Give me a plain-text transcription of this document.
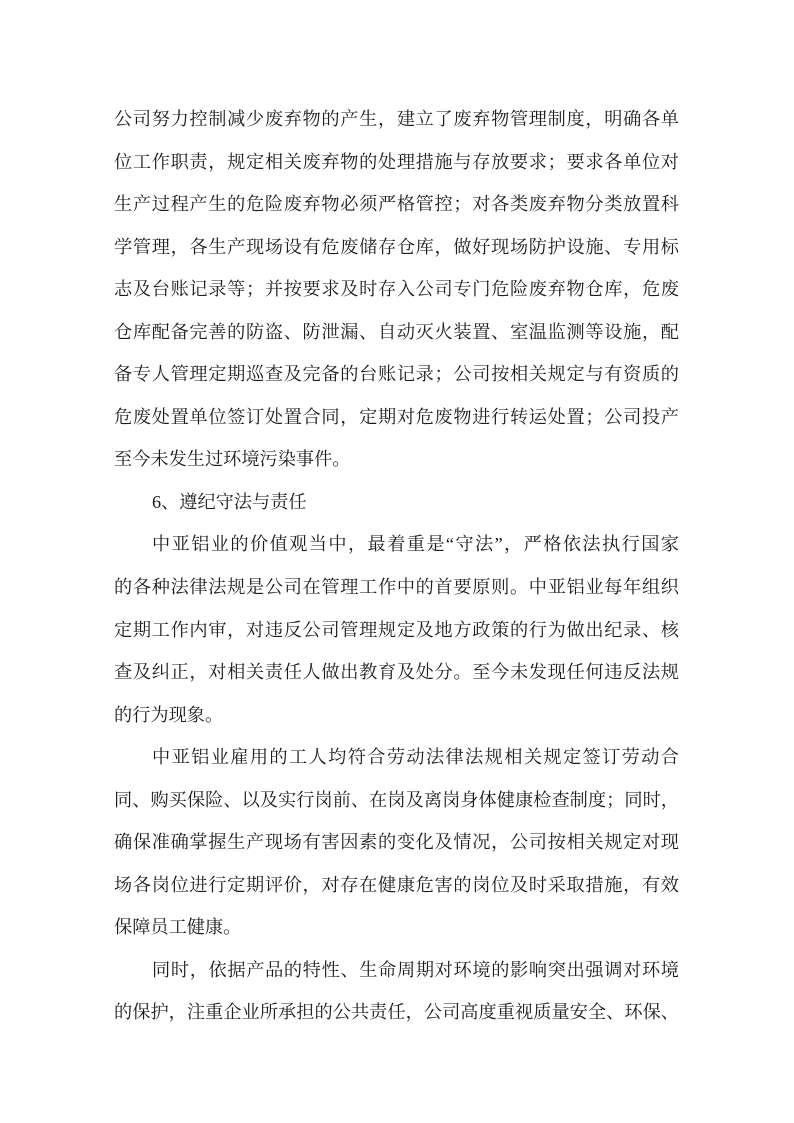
公司努力控制减少废弃物的产生，建立了废弃物管理制度，明确各单
位工作职责，规定相关废弃物的处理措施与存放要求；要求各单位对
生产过程产生的危险废弃物必须严格管控；对各类废弃物分类放置科
学管理，各生产现场设有危废储存仓库，做好现场防护设施、专用标
志及台账记录等；并按要求及时存入公司专门危险废弃物仓库，危废
仓库配备完善的防盗、防泄漏、自动灭火装置、室温监测等设施，配
备专人管理定期巡查及完备的台账记录；公司按相关规定与有资质的
危废处置单位签订处置合同，定期对危废物进行转运处置；公司投产
至今未发生过环境污染事件。
6、遵纪守法与责任
中亚铝业的价值观当中，最着重是“守法”，严格依法执行国家
的各种法律法规是公司在管理工作中的首要原则。中亚铝业每年组织
定期工作内审，对违反公司管理规定及地方政策的行为做出纪录、核
查及纠正，对相关责任人做出教育及处分。至今未发现任何违反法规
的行为现象。
中亚铝业雇用的工人均符合劳动法律法规相关规定签订劳动合
同、购买保险、以及实行岗前、在岗及离岗身体健康检查制度；同时，
确保准确掌握生产现场有害因素的变化及情况，公司按相关规定对现
场各岗位进行定期评价，对存在健康危害的岗位及时采取措施，有效
保障员工健康。
同时，依据产品的特性、生命周期对环境的影响突出强调对环境
的保护，注重企业所承担的公共责任，公司高度重视质量安全、环保、
